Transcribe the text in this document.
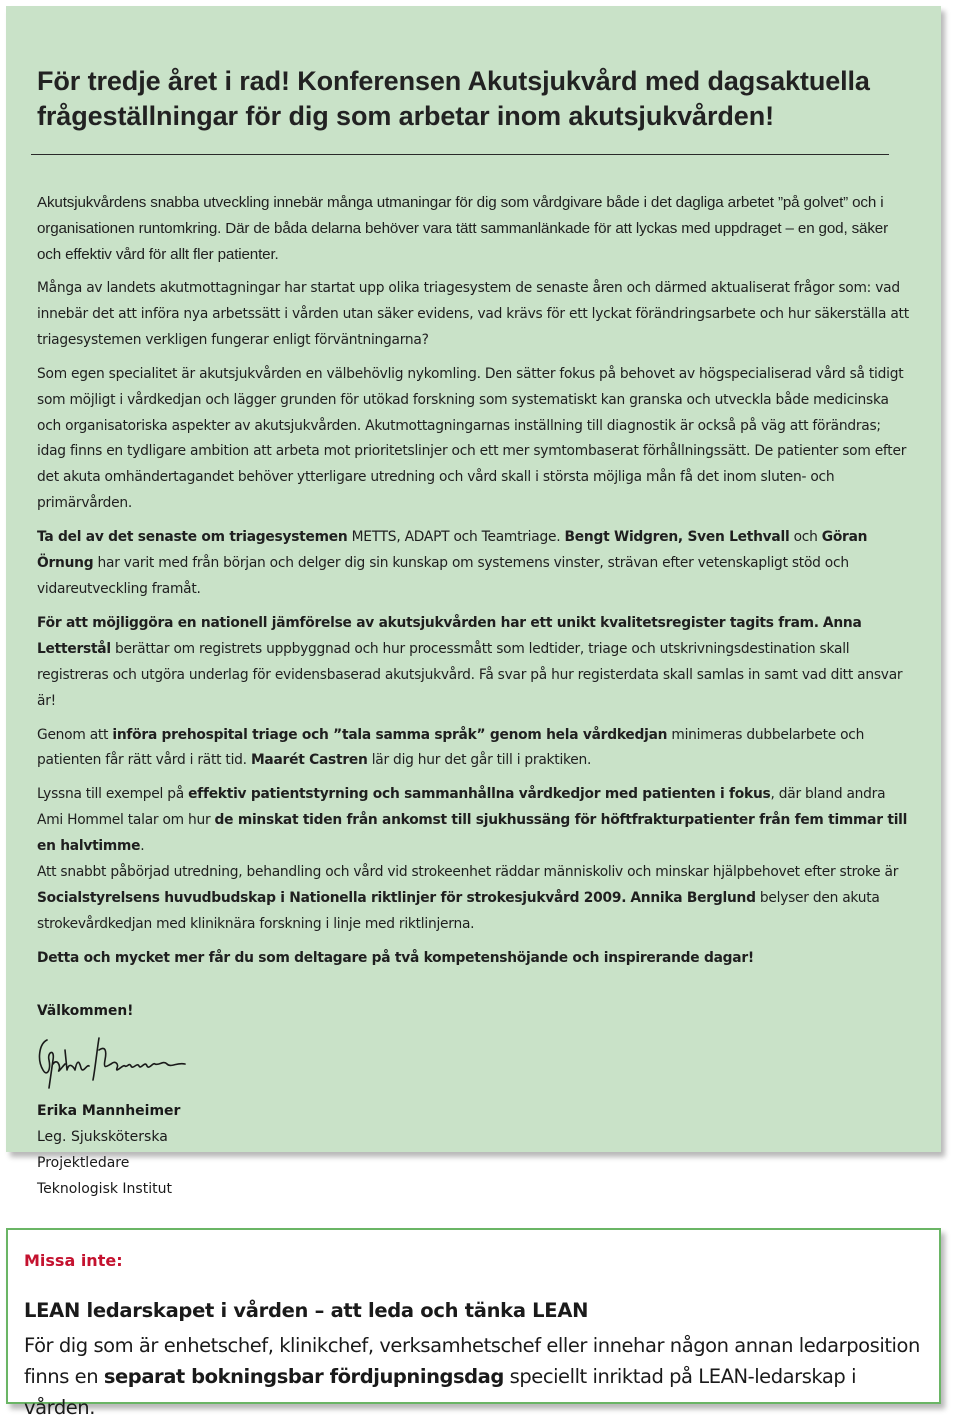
För tredje året i rad! Konferensen Akutsjukvård med dagsaktuella
frågeställningar för dig som arbetar inom akutsjukvården!

Akutsjukvårdens snabba utveckling innebär många utmaningar för dig som vårdgivare både i det dagliga arbetet ”på golvet” och i organisationen runtomkring. Där de båda delarna behöver vara tätt sammanlänkade för att lyckas med uppdraget – en god, säker och effektiv vård för allt fler patienter.

Många av landets akutmottagningar har startat upp olika triagesystem de senaste åren och därmed aktualiserat frågor som: vad innebär det att införa nya arbetssätt i vården utan säker evidens, vad krävs för ett lyckat förändringsarbete och hur säkerställa att triagesystemen verkligen fungerar enligt förväntningarna?

Som egen specialitet är akutsjukvården en välbehövlig nykomling. Den sätter fokus på behovet av högspecialiserad vård så tidigt som möjligt i vårdkedjan och lägger grunden för utökad forskning som systematiskt kan granska och utveckla både medicinska och organisatoriska aspekter av akutsjukvården. Akutmottagningarnas inställning till diagnostik är också på väg att förändras; idag finns en tydligare ambition att arbeta mot prioritetslinjer och ett mer symtombaserat förhållningssätt. De patienter som efter det akuta omhändertagandet behöver ytterligare utredning och vård skall i största möjliga mån få det inom sluten- och primärvården.

Ta del av det senaste om triagesystemen METTS, ADAPT och Teamtriage. Bengt Widgren, Sven Lethvall och Göran Örnung har varit med från början och delger dig sin kunskap om systemens vinster, strävan efter vetenskapligt stöd och vidareutveckling framåt.

För att möjliggöra en nationell jämförelse av akutsjukvården har ett unikt kvalitetsregister tagits fram. Anna Letterstål berättar om registrets uppbyggnad och hur processmått som ledtider, triage och utskrivningsdestination skall registreras och utgöra underlag för evidensbaserad akutsjukvård. Få svar på hur registerdata skall samlas in samt vad ditt ansvar är!

Genom att införa prehospital triage och ”tala samma språk” genom hela vårdkedjan minimeras dubbelarbete och patienten får rätt vård i rätt tid. Maarét Castren lär dig hur det går till i praktiken.

Lyssna till exempel på effektiv patientstyrning och sammanhållna vårdkedjor med patienten i fokus, där bland andra Ami Hommel talar om hur de minskat tiden från ankomst till sjukhussäng för höftfrakturpatienter från fem timmar till en halvtimme.

Att snabbt påbörjad utredning, behandling och vård vid strokeenhet räddar människoliv och minskar hjälpbehovet efter stroke är Socialstyrelsens huvudbudskap i Nationella riktlinjer för strokesjukvård 2009. Annika Berglund belyser den akuta strokevårdkedjan med kliniknära forskning i linje med riktlinjerna.

Detta och mycket mer får du som deltagare på två kompetenshöjande och inspirerande dagar!

Välkommen!

Erika Mannheimer

Leg. Sjuksköterska

Projektledare

Teknologisk Institut

Missa inte:

LEAN ledarskapet i vården – att leda och tänka LEAN

För dig som är enhetschef, klinikchef, verksamhetschef eller innehar någon annan ledarposition finns en separat bokningsbar fördjupningsdag speciellt inriktad på LEAN-ledarskap i vården.
